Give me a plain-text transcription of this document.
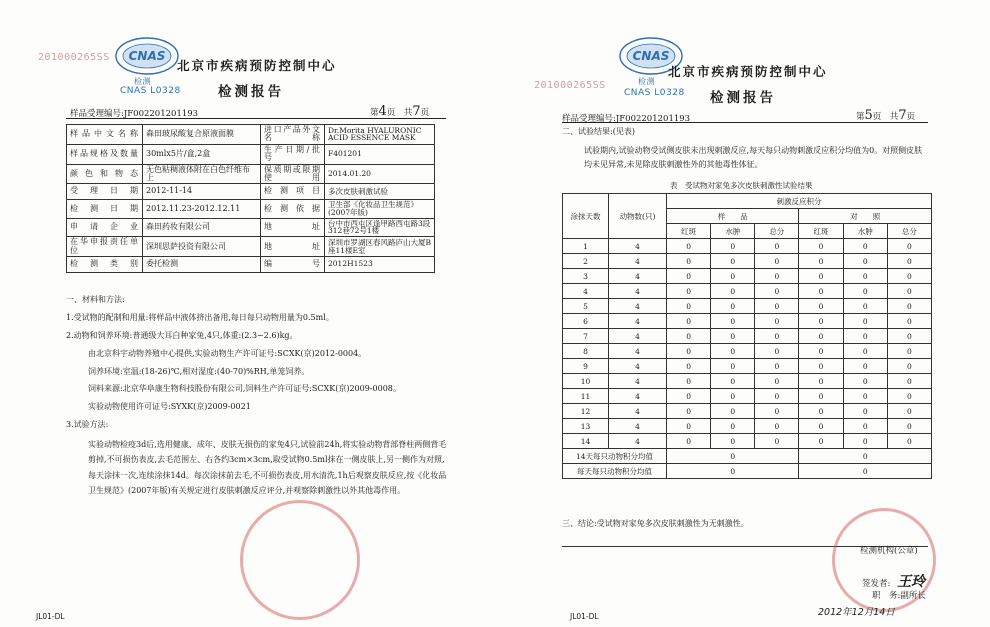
201000265SS CNAS
检测
CNAS L0328
北京市疾病预防控制中心
检测报告
样品受理编号:JF002201201193	第4页　共7页
样品中文名称	森田玻尿酸复合原液面膜	进口产品外文名称	Dr.Morita HYALURONIC ACID ESSENCE MASK
样品规格及数量	30mlx5片/盒,2盒	生产日期/批号	F401201
颜色和物态	无色粘稠液体附在白色纤维布上	保质期或限期使用	2014.01.20
受理日期	2012-11-14	检测项目	多次皮肤刺激试验
检测日期	2012.11.23-2012.12.11	检测依据	卫生部《化妆品卫生规范》(2007年版)
申请企业	森田药妆有限公司	地址	台中市西屯区逢甲路西屯路3段312巷72号1楼
在华申报责任单位	深圳思萨投资有限公司	地址	深圳市罗湖区春风路庐山大厦B座11楼E室
检测类别	委托检测	编号	2012H1523

一、材料和方法:

1.受试物的配制和用量:将样品中液体挤出备用,每日每只动物用量为0.5ml。

2.动物和饲养环境:普通级大耳白种家兔,4只,体重:(2.3~2.6)kg。

由北京科宇动物养殖中心提供,实验动物生产许可证号:SCXK(京)2012-0004。

饲养环境:室温:(18-26)℃,相对湿度:(40-70)%RH,单笼饲养。

饲料来源:北京华阜康生物科技股份有限公司,饲料生产许可证号:SCXK(京)2009-0008。

实验动物使用许可证号:SYXK(京)2009-0021

3.试验方法:

实验动物检疫3d后,选用健康、成年、皮肤无损伤的家兔4只,试验前24h,将实验动物背部脊柱两侧背毛剪掉,不可损伤表皮,去毛范围左、右各约3cm×3cm,取受试物0.5ml抹在一侧皮肤上,另一侧作为对照,每天涂抹一次,连续涂抹14d。每次涂抹前去毛,不可损伤表皮,用水清洗,1h后观察皮肤反应,按《化妆品卫生规范》(2007年版)有关规定进行皮肤刺激反应评分,并观察除刺激性以外其他毒作用。

JL01-DL
201000265SS
CNAS
检测
CNAS L0328
北京市疾病预防控制中心
检测报告
样品受理编号:JF002201201193	第5页　共7页

二、试验结果:(见表)

试验期内,试验动物受试侧皮肤未出现刺激反应,每天每只动物刺激反应积分均值为0。对照侧皮肤均未见异常,未见除皮肤刺激性外的其他毒性体征。

表　受试物对家兔多次皮肤刺激性试验结果
涂抹天数	动物数(只)	刺激反应积分					
		样　　品			对　　照		
		红斑	水肿	总分	红斑	水肿	总分
1	4	0	0	0	0	0	0
2	4	0	0	0	0	0	0
3	4	0	0	0	0	0	0
4	4	0	0	0	0	0	0
5	4	0	0	0	0	0	0
6	4	0	0	0	0	0	0
7	4	0	0	0	0	0	0
8	4	0	0	0	0	0	0
9	4	0	0	0	0	0	0
10	4	0	0	0	0	0	0
11	4	0	0	0	0	0	0
12	4	0	0	0	0	0	0
13	4	0	0	0	0	0	0
14	4	0	0	0	0	0	0
14天每只动物积分均值		0			0		
每天每只动物积分均值		0			0		
三、结论:受试物对家兔多次皮肤刺激性为无刺激性。
检测机构(公章)
签发者: 王玲
职　务:副所长
2012年12月14日
JL01-DL
